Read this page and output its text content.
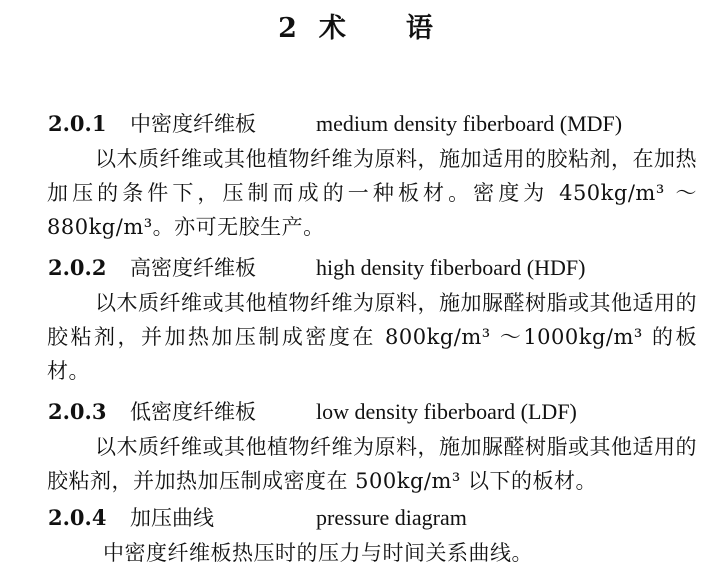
2 术 语
2.0.1 中密度纤维板	medium density fiberboard (MDF)
以木质纤维或其他植物纤维为原料，施加适用的胶粘剂，在加热加压的条件下，压制而成的一种板材。密度为 450kg/m³ ～880kg/m³。亦可无胶生产。
2.0.2 高密度纤维板	high density fiberboard (HDF)
以木质纤维或其他植物纤维为原料，施加脲醛树脂或其他适用的胶粘剂，并加热加压制成密度在 800kg/m³ ～1000kg/m³ 的板材。
2.0.3 低密度纤维板	low density fiberboard (LDF)
以木质纤维或其他植物纤维为原料，施加脲醛树脂或其他适用的胶粘剂，并加热加压制成密度在 500kg/m³ 以下的板材。
2.0.4 加压曲线	pressure diagram
中密度纤维板热压时的压力与时间关系曲线。
